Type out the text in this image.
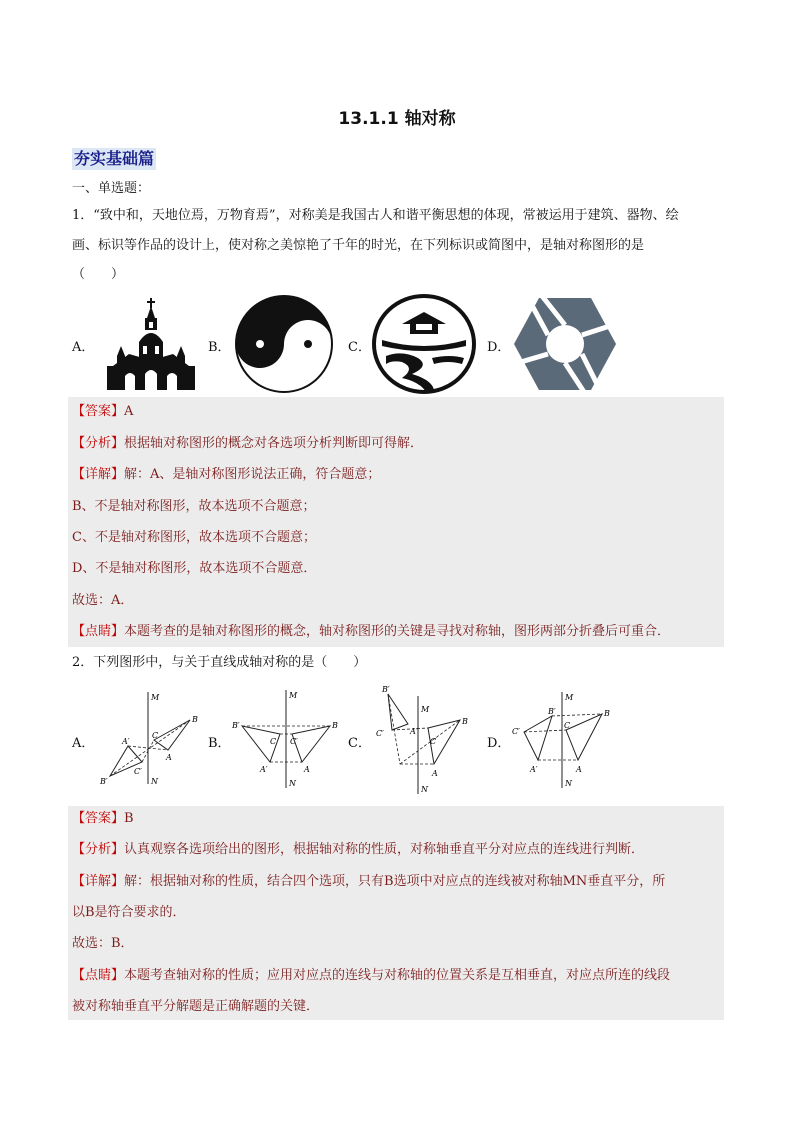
13.1.1 轴对称
夯实基础篇
一、单选题：
1．“致中和，天地位焉，万物育焉”，对称美是我国古人和谐平衡思想的体现，常被运用于建筑、器物、绘
画、标识等作品的设计上，使对称之美惊艳了千年的时光，在下列标识或简图中，是轴对称图形的是
（　　）
A．	B．	C．	D．
【答案】A
【分析】根据轴对称图形的概念对各选项分析判断即可得解．
【详解】解：A、是轴对称图形说法正确，符合题意；
B、不是轴对称图形，故本选项不合题意；
C、不是轴对称图形，故本选项不合题意；
D、不是轴对称图形，故本选项不合题意．
故选：A．
【点睛】本题考查的是轴对称图形的概念，轴对称图形的关键是寻找对称轴，图形两部分折叠后可重合．
2．下列图形中，与关于直线成轴对称的是（　　）
A．
M
N
B
C
A
A′
B′
C′
B．
M
N
B′	B
C C′
A′	A
C．
B′
M
N
C′	A′
C
B
A
D．
M
N
B′	B
C′
C
A′	A
【答案】B
【分析】认真观察各选项给出的图形，根据轴对称的性质，对称轴垂直平分对应点的连线进行判断．
【详解】解：根据轴对称的性质，结合四个选项，只有B选项中对应点的连线被对称轴MN垂直平分，所
以B是符合要求的．
故选：B．
【点睛】本题考查轴对称的性质；应用对应点的连线与对称轴的位置关系是互相垂直，对应点所连的线段
被对称轴垂直平分解题是正确解题的关键．
